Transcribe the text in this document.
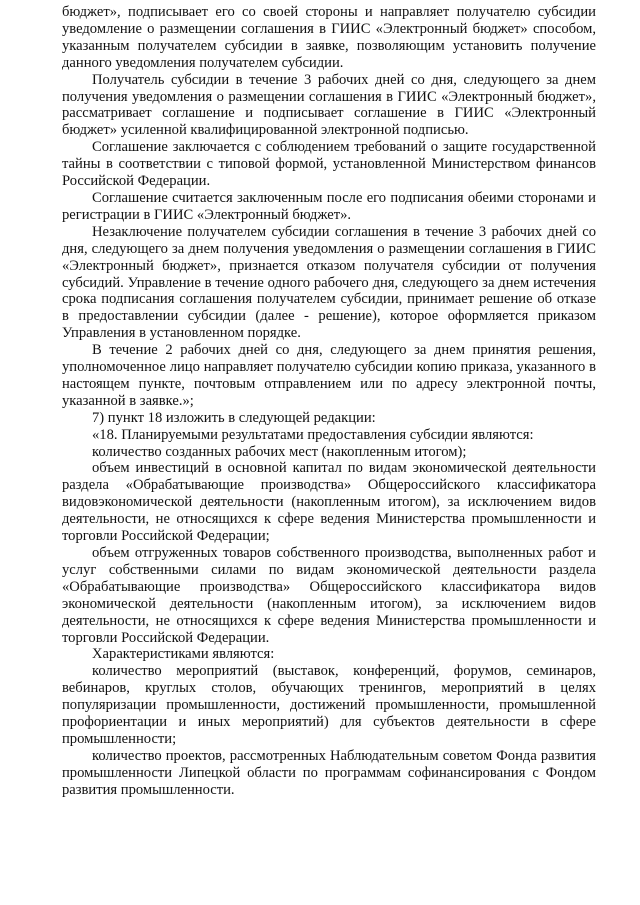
бюджет», подписывает его со своей стороны и направляет получателю субсидии уведомление о размещении соглашения в ГИИС «Электронный бюджет» способом, указанным получателем субсидии в заявке, позволяющим установить получение данного уведомления получателем субсидии.

Получатель субсидии в течение 3 рабочих дней со дня, следующего за днем получения уведомления о размещении соглашения в ГИИС «Электронный бюджет», рассматривает соглашение и подписывает соглашение в ГИИС «Электронный бюджет» усиленной квалифицированной электронной подписью.

Соглашение заключается с соблюдением требований о защите государственной тайны в соответствии с типовой формой, установленной Министерством финансов Российской Федерации.

Соглашение считается заключенным после его подписания обеими сторонами и регистрации в ГИИС «Электронный бюджет».

Незаключение получателем субсидии соглашения в течение 3 рабочих дней со дня, следующего за днем получения уведомления о размещении соглашения в ГИИС «Электронный бюджет», признается отказом получателя субсидии от получения субсидий. Управление в течение одного рабочего дня, следующего за днем истечения срока подписания соглашения получателем субсидии, принимает решение об отказе в предоставлении субсидии (далее - решение), которое оформляется приказом Управления в установленном порядке.

В течение 2 рабочих дней со дня, следующего за днем принятия решения, уполномоченное лицо направляет получателю субсидии копию приказа, указанного в настоящем пункте, почтовым отправлением или по адресу электронной почты, указанной в заявке.»;

7) пункт 18 изложить в следующей редакции:

«18. Планируемыми результатами предоставления субсидии являются:

количество созданных рабочих мест (накопленным итогом);

объем инвестиций в основной капитал по видам экономической деятельности раздела «Обрабатывающие производства» Общероссийского классификатора видовэкономической деятельности (накопленным итогом), за исключением видов деятельности, не относящихся к сфере ведения Министерства промышленности и торговли Российской Федерации;

объем отгруженных товаров собственного производства, выполненных работ и услуг собственными силами по видам экономической деятельности раздела «Обрабатывающие производства» Общероссийского классификатора видов экономической деятельности (накопленным итогом), за исключением видов деятельности, не относящихся к сфере ведения Министерства промышленности и торговли Российской Федерации.

Характеристиками являются:

количество мероприятий (выставок, конференций, форумов, семинаров, вебинаров, круглых столов, обучающих тренингов, мероприятий в целях популяризации промышленности, достижений промышленности, промышленной профориентации и иных мероприятий) для субъектов деятельности в сфере промышленности;

количество проектов, рассмотренных Наблюдательным советом Фонда развития промышленности Липецкой области по программам софинансирования с Фондом развития промышленности.
